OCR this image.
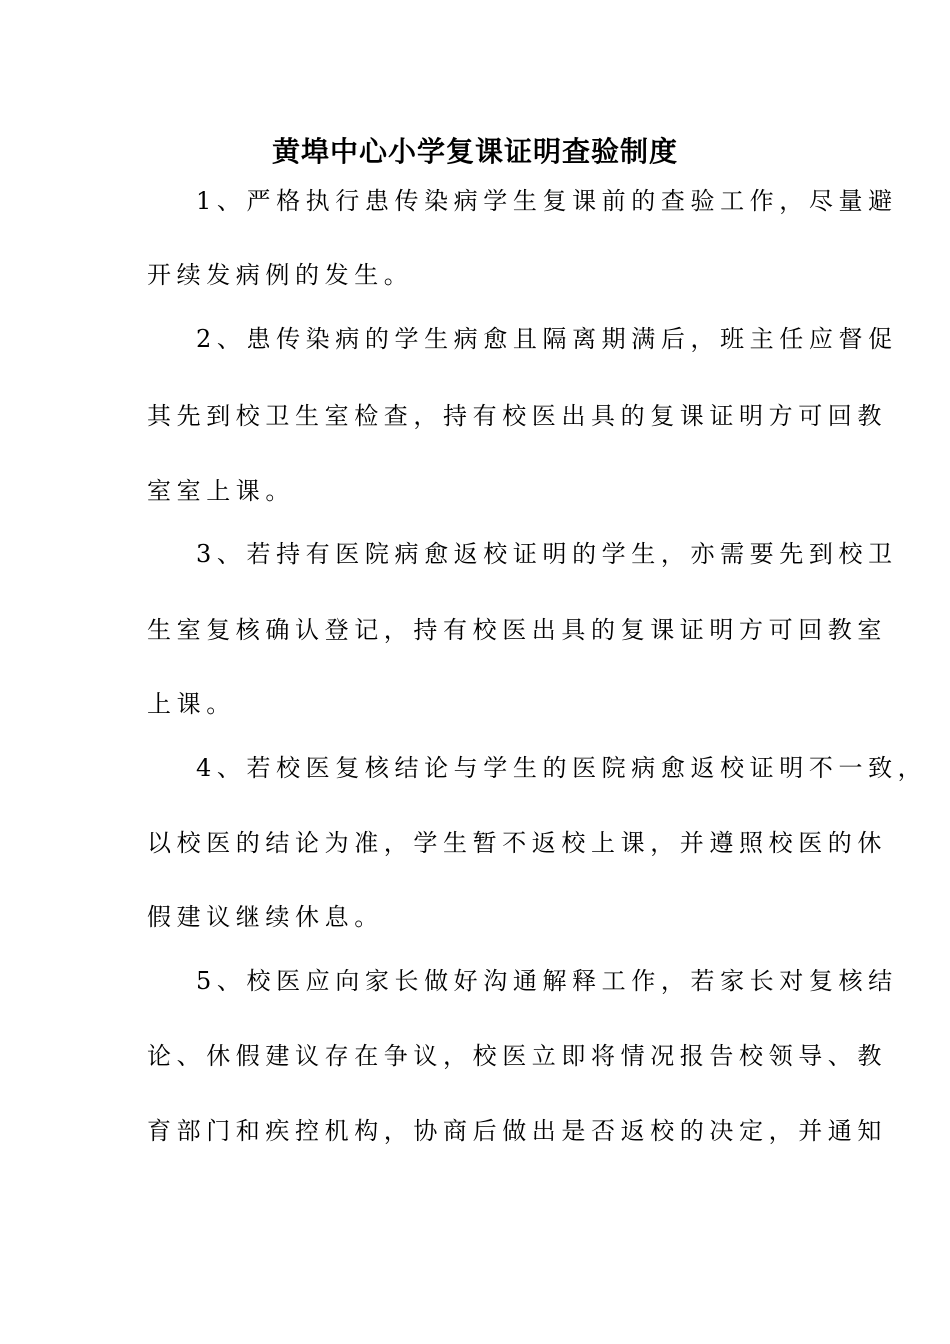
黄埠中心小学复课证明查验制度

1、严格执行患传染病学生复课前的查验工作，尽量避

开续发病例的发生。

2、患传染病的学生病愈且隔离期满后，班主任应督促

其先到校卫生室检查，持有校医出具的复课证明方可回教

室室上课。

3、若持有医院病愈返校证明的学生，亦需要先到校卫

生室复核确认登记，持有校医出具的复课证明方可回教室

上课。

4、若校医复核结论与学生的医院病愈返校证明不一致，

以校医的结论为准，学生暂不返校上课，并遵照校医的休

假建议继续休息。

5、校医应向家长做好沟通解释工作，若家长对复核结

论、休假建议存在争议，校医立即将情况报告校领导、教

育部门和疾控机构，协商后做出是否返校的决定，并通知
